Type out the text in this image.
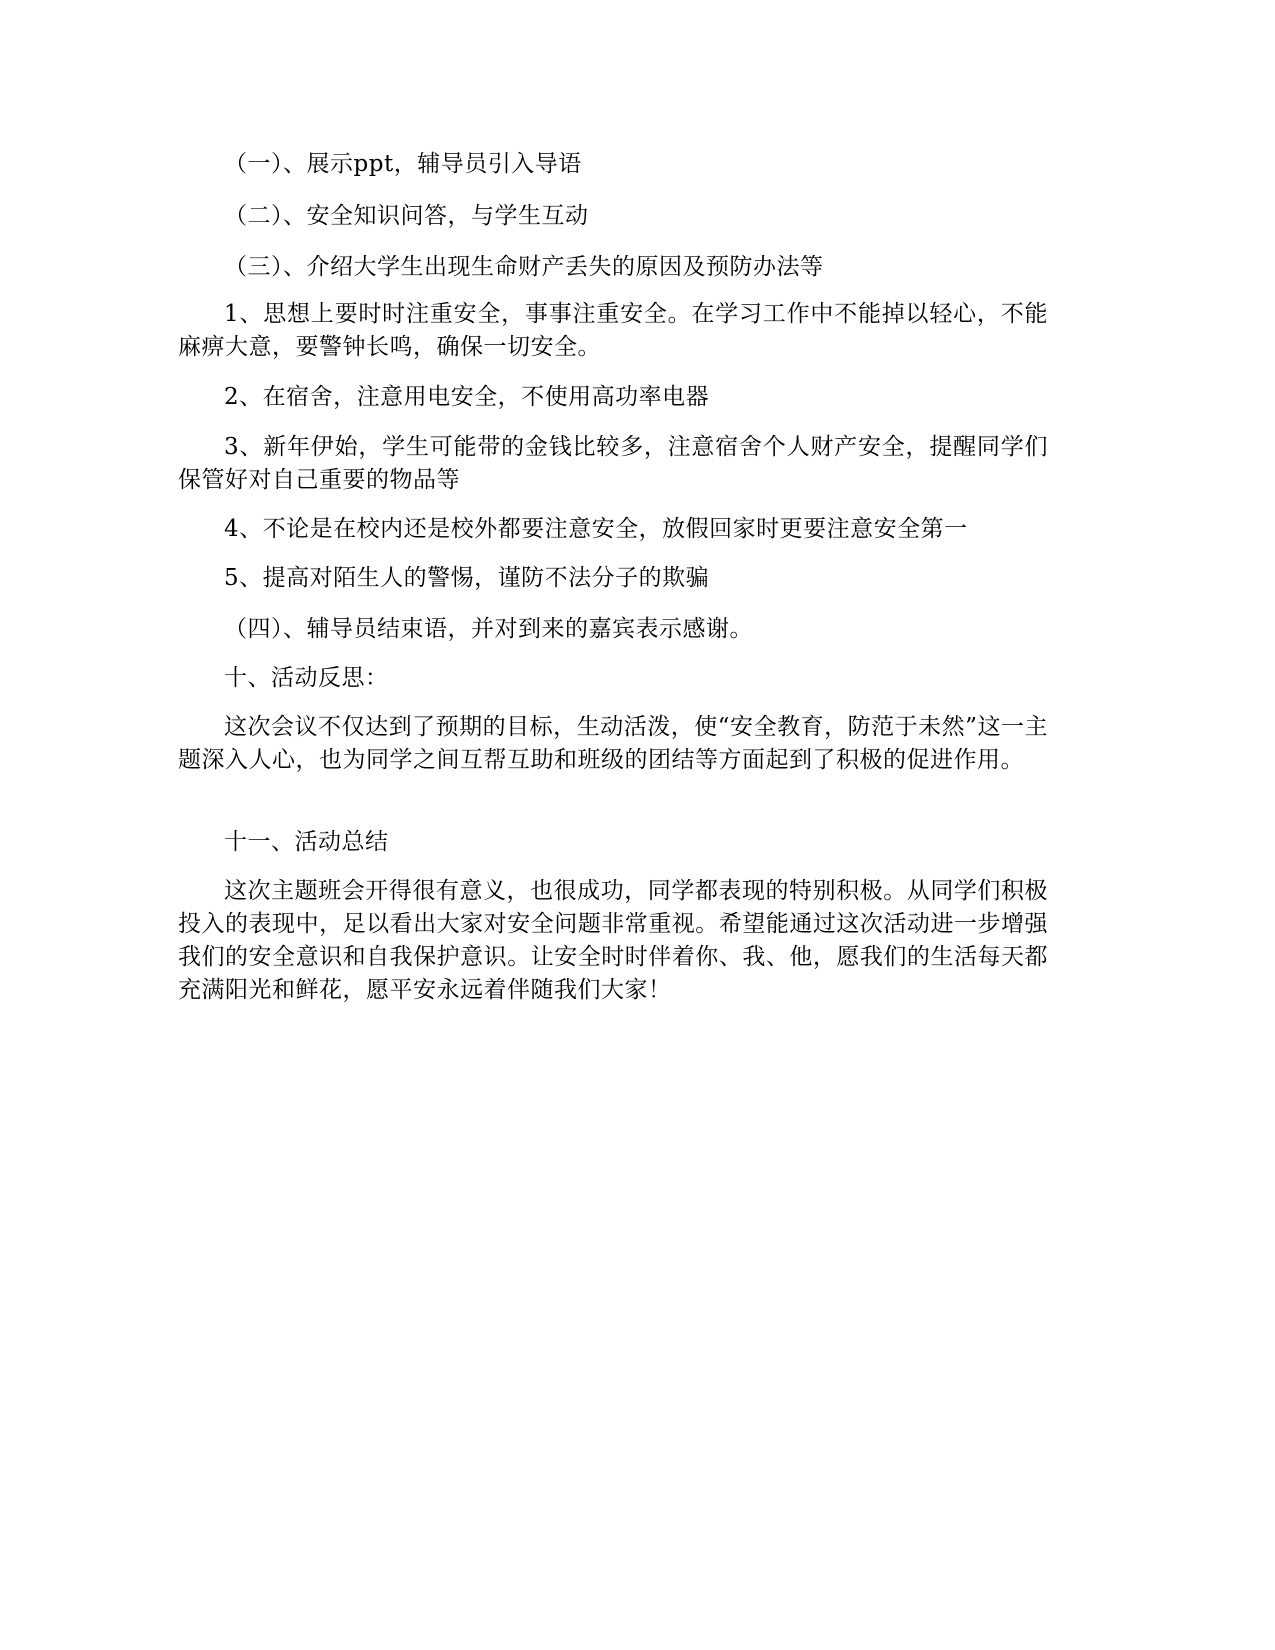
（一）、展示ppt，辅导员引入导语

（二）、安全知识问答，与学生互动

（三）、介绍大学生出现生命财产丢失的原因及预防办法等

1、思想上要时时注重安全，事事注重安全。在学习工作中不能掉以轻心，不能麻痹大意，要警钟长鸣，确保一切安全。

2、在宿舍，注意用电安全，不使用高功率电器

3、新年伊始，学生可能带的金钱比较多，注意宿舍个人财产安全，提醒同学们保管好对自己重要的物品等

4、不论是在校内还是校外都要注意安全，放假回家时更要注意安全第一

5、提高对陌生人的警惕，谨防不法分子的欺骗

（四）、辅导员结束语，并对到来的嘉宾表示感谢。

十、活动反思：

这次会议不仅达到了预期的目标，生动活泼，使“安全教育，防范于未然”这一主题深入人心，也为同学之间互帮互助和班级的团结等方面起到了积极的促进作用。

十一、活动总结

这次主题班会开得很有意义，也很成功，同学都表现的特别积极。从同学们积极投入的表现中，足以看出大家对安全问题非常重视。希望能通过这次活动进一步增强我们的安全意识和自我保护意识。让安全时时伴着你、我、他，愿我们的生活每天都充满阳光和鲜花，愿平安永远着伴随我们大家！
